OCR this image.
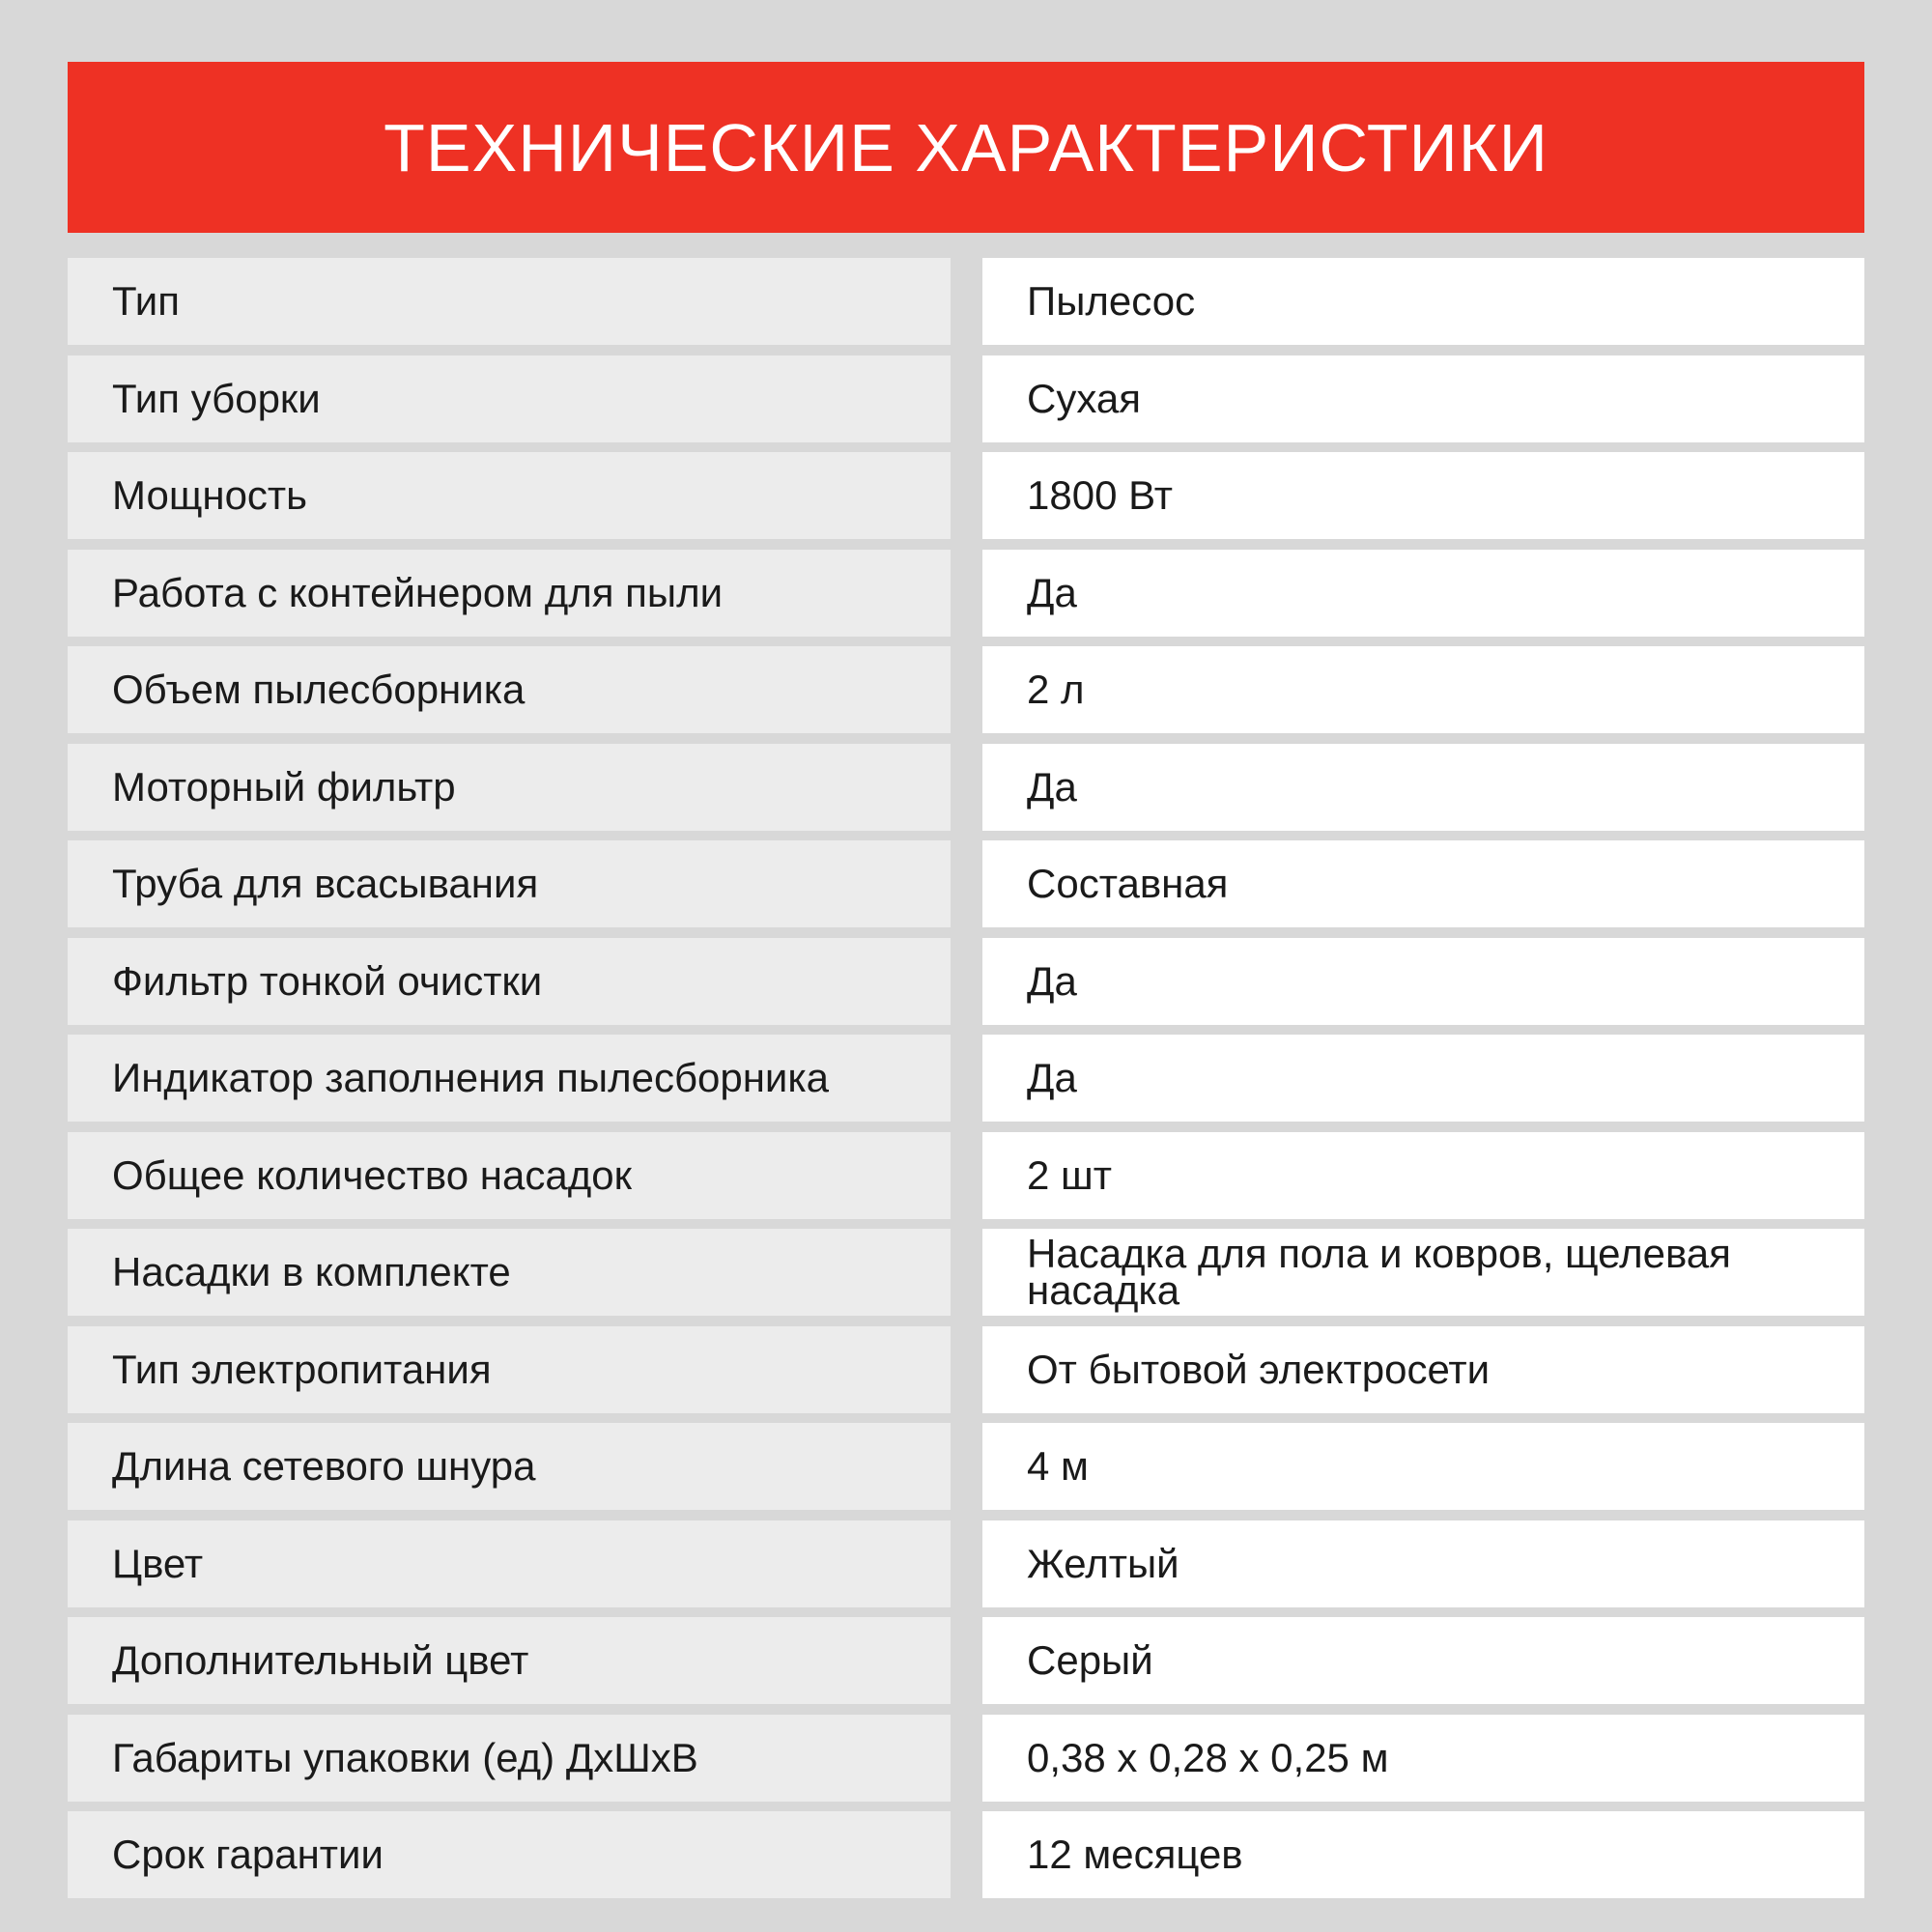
ТЕХНИЧЕСКИЕ ХАРАКТЕРИСТИКИ
Тип	Пылесос
Тип уборки	Сухая
Мощность	1800 Вт
Работа с контейнером для пыли	Да
Объем пылесборника	2 л
Моторный фильтр	Да
Труба для всасывания	Составная
Фильтр тонкой очистки	Да
Индикатор заполнения пылесборника	Да
Общее количество насадок	2 шт
Насадки в комплекте	Насадка для пола и ковров, щелевая насадка
Тип электропитания	От бытовой электросети
Длина сетевого шнура	4 м
Цвет	Желтый
Дополнительный цвет	Серый
Габариты упаковки (ед) ДхШхВ	0,38 x 0,28 x 0,25 м
Срок гарантии	12 месяцев
